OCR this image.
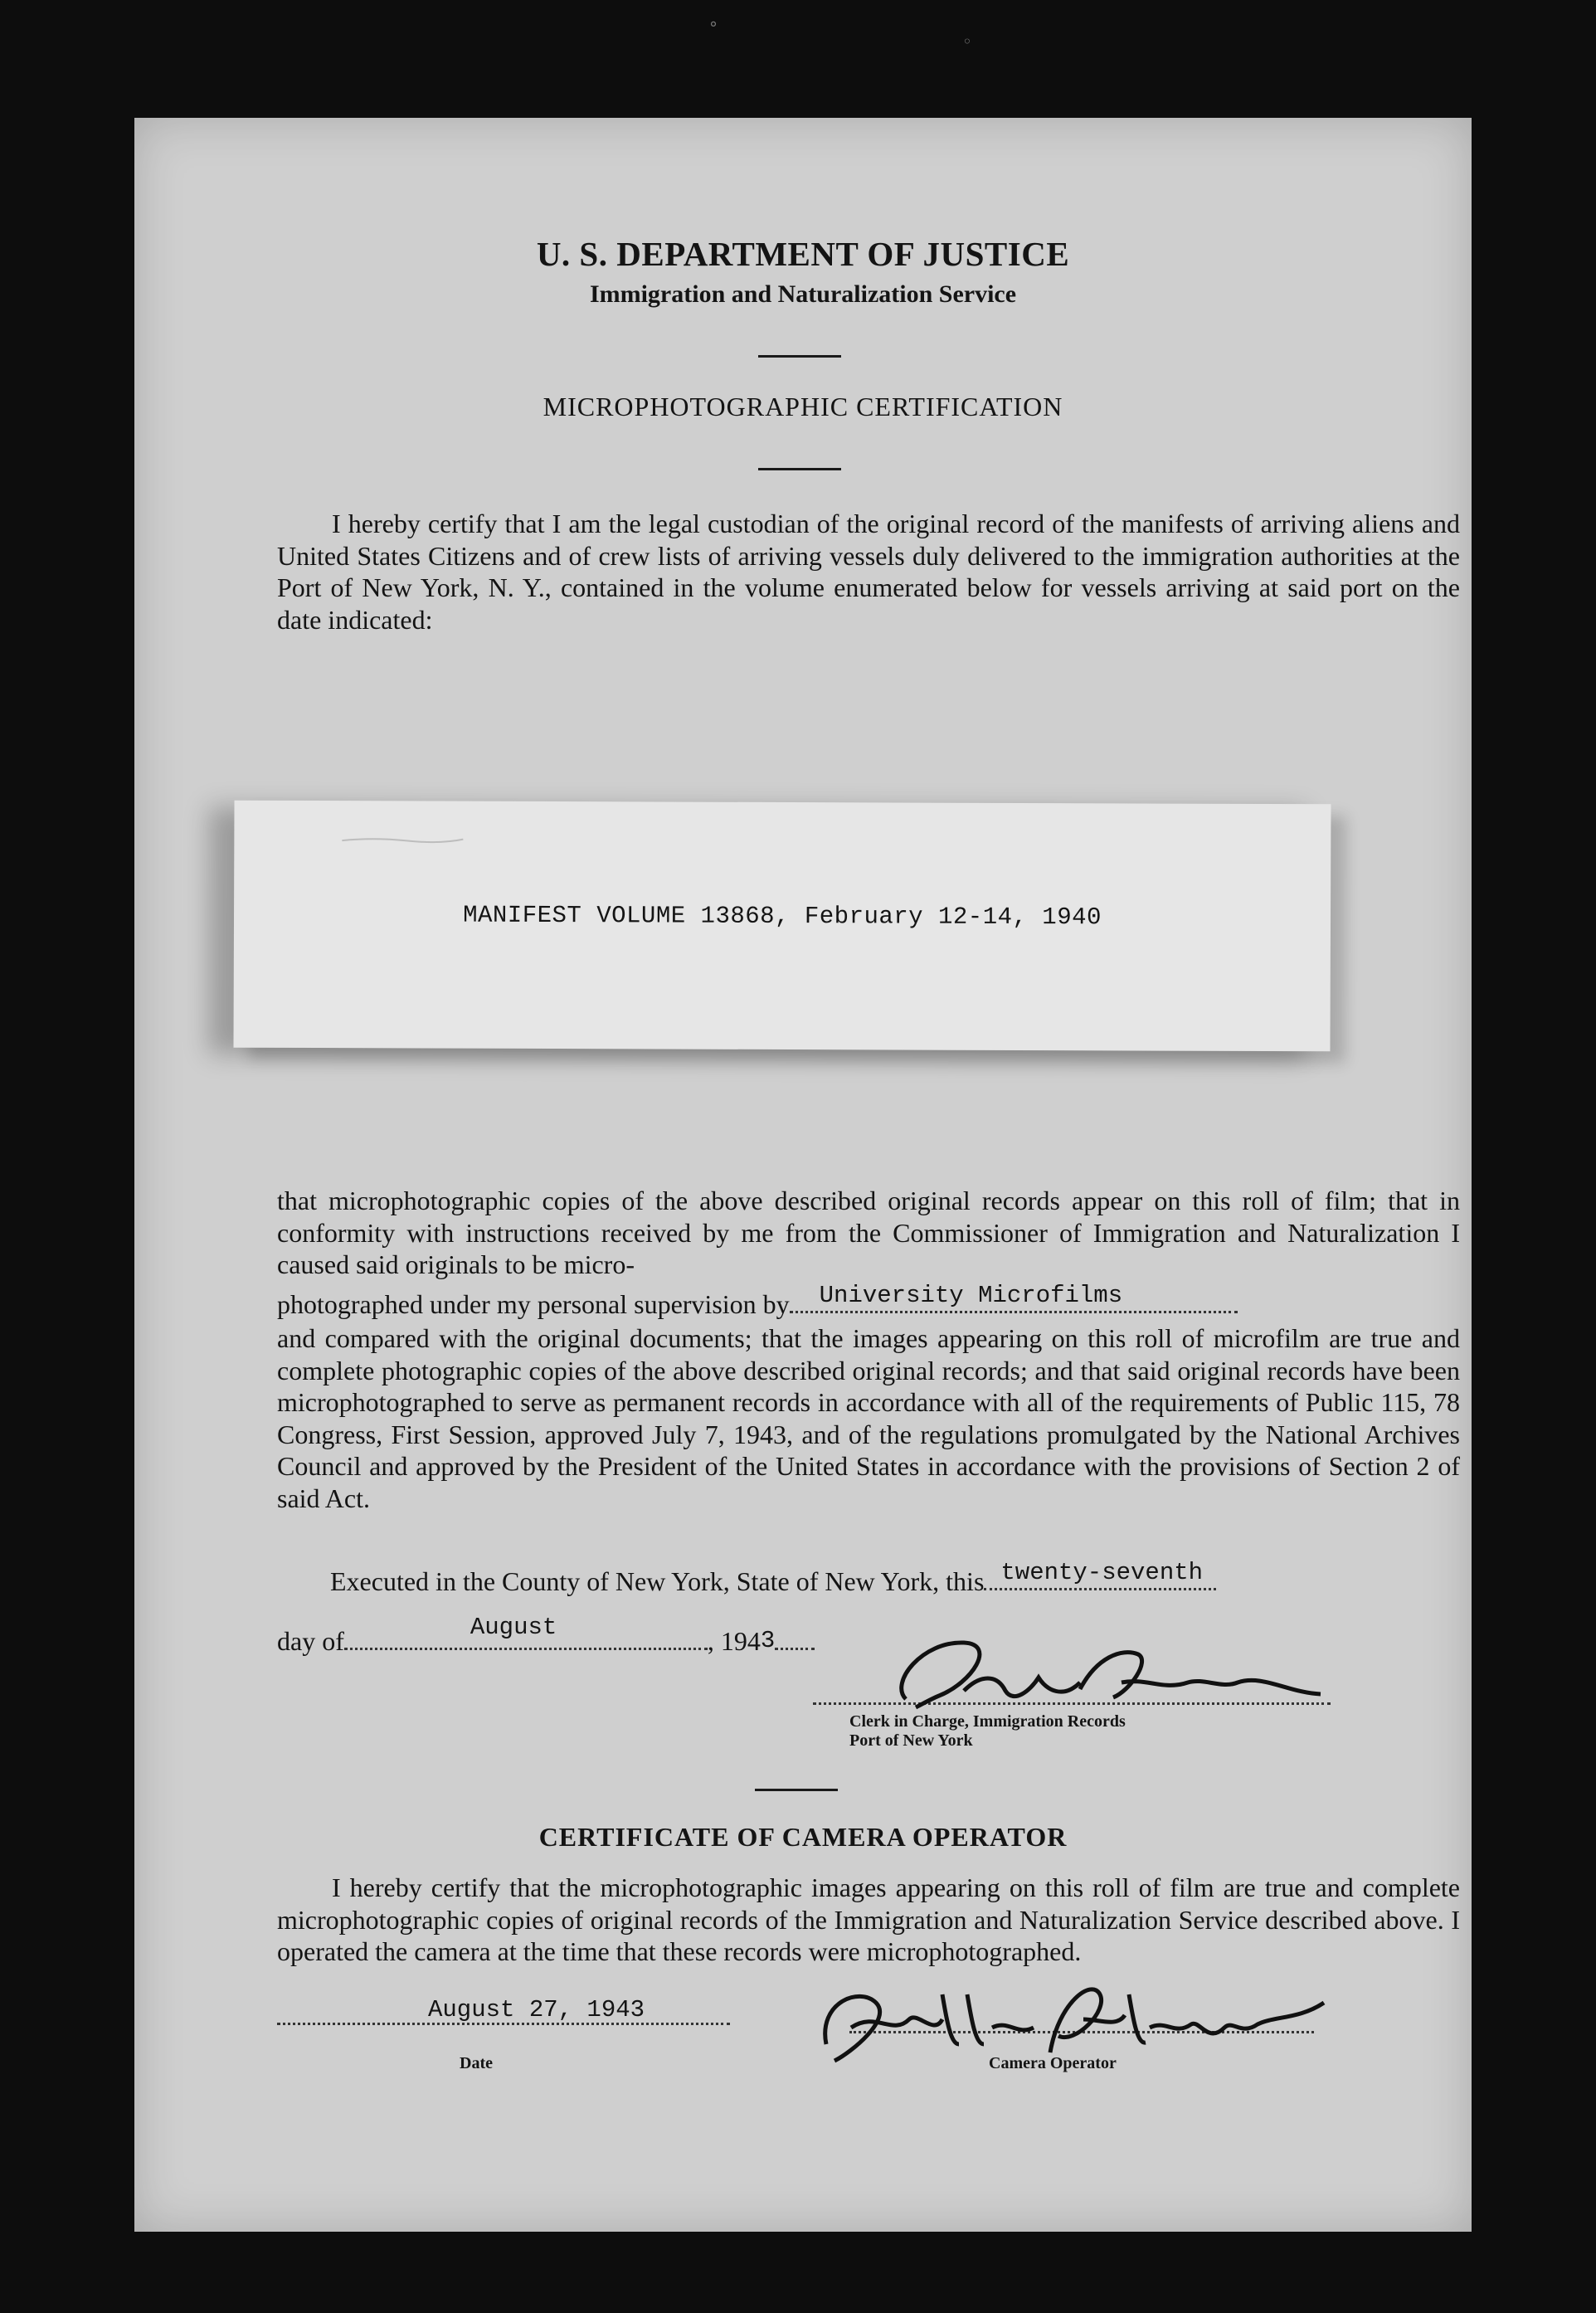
°
◦
U. S. DEPARTMENT OF JUSTICE
Immigration and Naturalization Service
MICROPHOTOGRAPHIC CERTIFICATION
I hereby certify that I am the legal custodian of the original record of the manifests of arriving aliens and United States Citizens and of crew lists of arriving vessels duly delivered to the immigration authorities at the Port of New York, N. Y., contained in the volume enumerated below for vessels arriving at said port on the date indicated:
MANIFEST VOLUME 13868, February 12-14, 1940
that microphotographic copies of the above described original records appear on this roll of film; that in conformity with instructions received by me from the Commissioner of Immigration and Naturalization I caused said originals to be micro-
photographed under my personal supervision by University Microfilms
and compared with the original documents; that the images appearing on this roll of microfilm are true and complete photographic copies of the above described original records; and that said original records have been microphotographed to serve as permanent records in accordance with all of the requirements of Public 115, 78 Congress, First Session, approved July 7, 1943, and of the regulations promulgated by the National Archives Council and approved by the President of the United States in accordance with the provisions of Section 2 of said Act.
Executed in the County of New York, State of New York, this twenty-seventh
day of	August	, 1943
Geo. Baccar
Clerk in Charge, Immigration Records
Port of New York
CERTIFICATE OF CAMERA OPERATOR
I hereby certify that the microphotographic images appearing on this roll of film are true and complete microphotographic copies of original records of the Immigration and Naturalization Service described above. I operated the camera at the time that these records were microphotographed.
August 27, 1943
Date
Wallace Alexander
Camera Operator
